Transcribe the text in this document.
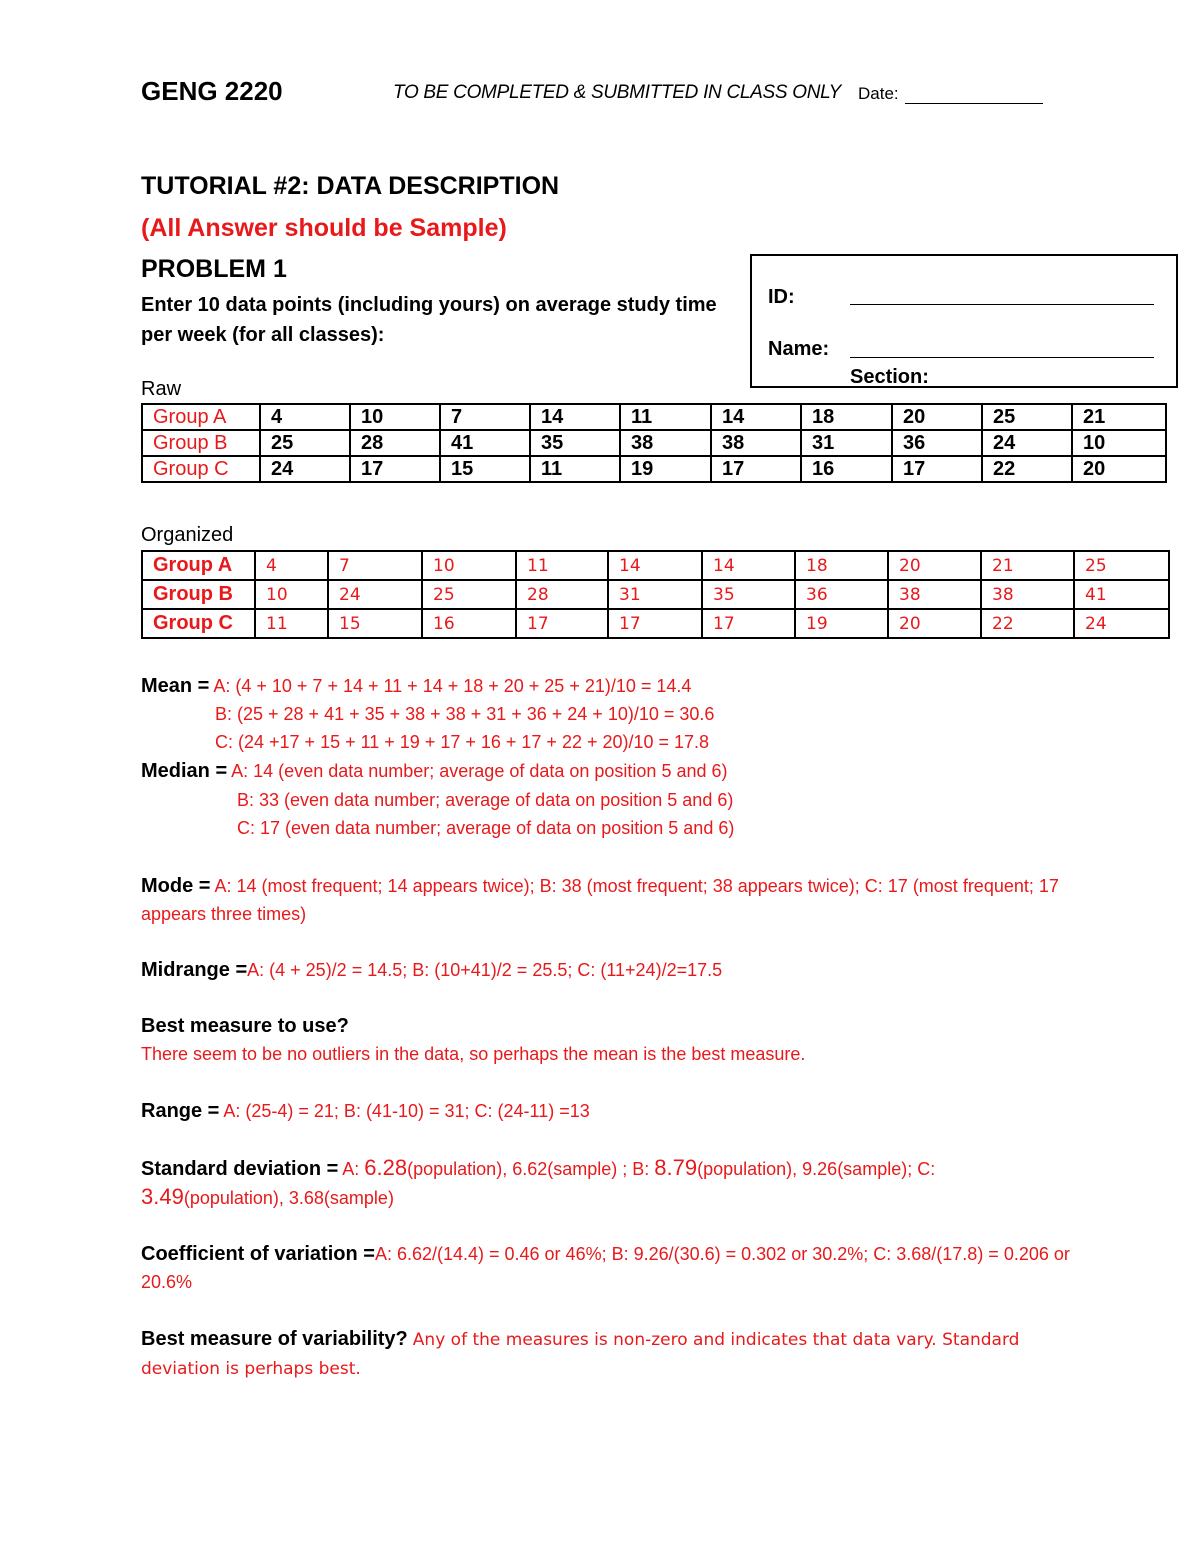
GENG 2220	TO BE COMPLETED & SUBMITTED IN CLASS ONLY Date:
TUTORIAL #2: DATA DESCRIPTION
(All Answer should be Sample)
PROBLEM 1
Enter 10 data points (including yours) on average study time per week (for all classes):
ID:
Name:
Section:
Raw
Group A	4	10	7	14	11	14	18	20	25	21
Group B	25	28	41	35	38	38	31	36	24	10
Group C	24	17	15	11	19	17	16	17	22	20
Organized
Group A	4	7	10	11	14	14	18	20	21	25
Group B	10	24	25	28	31	35	36	38	38	41
Group C	11	15	16	17	17	17	19	20	22	24
Mean = A: (4 + 10 + 7 + 14 + 11 + 14 + 18 + 20 + 25 + 21)/10 = 14.4
B: (25 + 28 + 41 + 35 + 38 + 38 + 31 + 36 + 24 + 10)/10 = 30.6
C: (24 +17 + 15 + 11 + 19 + 17 + 16 + 17 + 22 + 20)/10 = 17.8
Median = A: 14 (even data number; average of data on position 5 and 6)
B: 33 (even data number; average of data on position 5 and 6)
C: 17 (even data number; average of data on position 5 and 6)
Mode = A: 14 (most frequent; 14 appears twice); B: 38 (most frequent; 38 appears twice); C: 17 (most frequent; 17 appears three times)
Midrange =A: (4 + 25)/2 = 14.5; B: (10+41)/2 = 25.5; C: (11+24)/2=17.5
Best measure to use?
There seem to be no outliers in the data, so perhaps the mean is the best measure.
Range = A: (25-4) = 21; B: (41-10) = 31; C: (24-11) =13
Standard deviation = A: 6.28(population), 6.62(sample) ; B: 8.79(population), 9.26(sample); C: 3.49(population), 3.68(sample)
Coefficient of variation =A: 6.62/(14.4) = 0.46 or 46%; B: 9.26/(30.6) = 0.302 or 30.2%; C: 3.68/(17.8) = 0.206 or 20.6%
Best measure of variability? Any of the measures is non-zero and indicates that data vary. Standard deviation is perhaps best.
